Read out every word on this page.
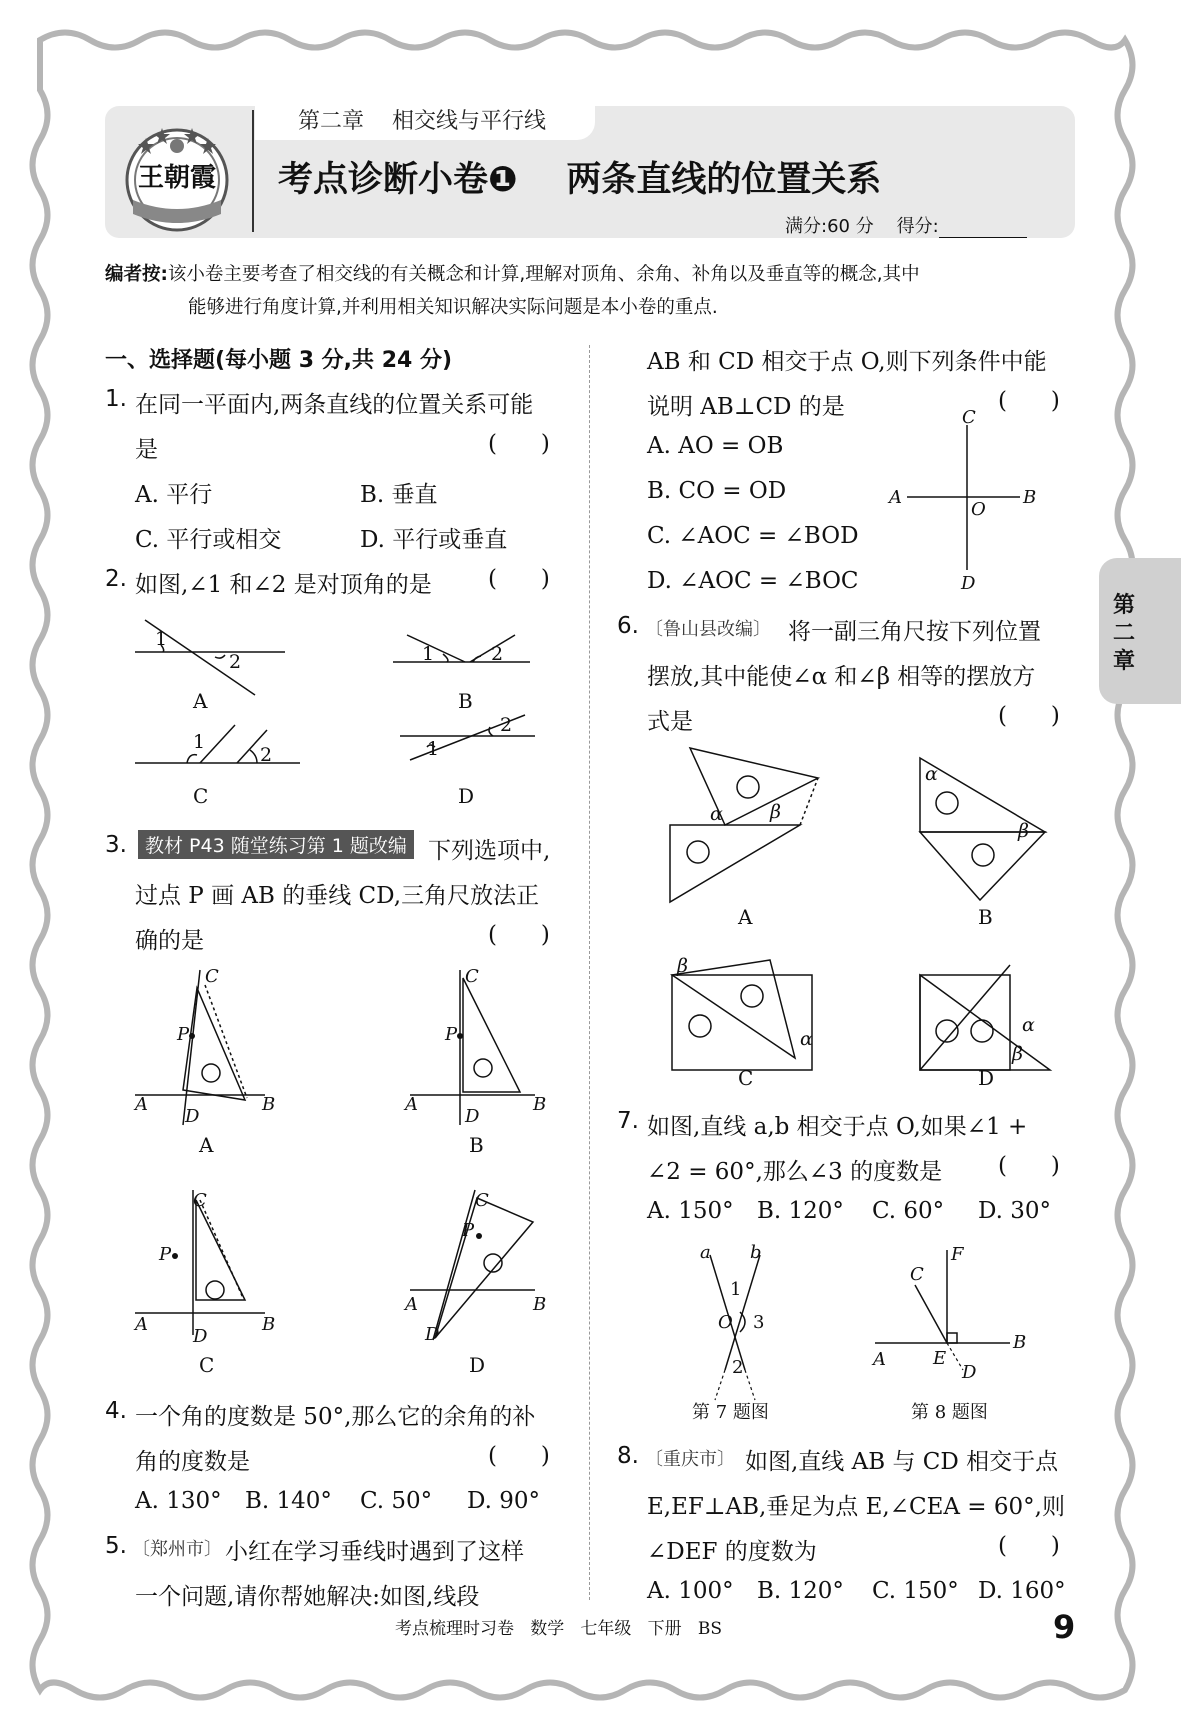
第二章    相交线与平行线
王朝霞 考点诊断小卷❶    两条直线的位置关系
满分:60 分 得分:
编者按:该小卷主要考查了相交线的有关概念和计算,理解对顶角、余角、补角以及垂直等的概念,其中
能够进行角度计算,并利用相关知识解决实际问题是本小卷的重点.
第二章
一、选择题(每小题 3 分,共 24 分)
1. 在同一平面内,两条直线的位置关系可能
是	(      )
A. 平行	B. 垂直
C. 平行或相交	D. 平行或垂直
2. 如图,∠1 和∠2 是对顶角的是 (      )
1
2	1	2
1
2	1
2
A	B
C	D
3. 教材 P43 随堂练习第 1 题改编 下列选项中,
过点 P 画 AB 的垂线 CD,三角尺放法正
确的是	(      )
C
P
A	B
D
C
P
A	B
D
C
P
A	B
D
C
P
A	B
D
A	B
C	D
4. 一个角的度数是 50°,那么它的余角的补
角的度数是	(      )
A. 130° B. 140° C. 50° D. 90°
5. 〔郑州市〕 小红在学习垂线时遇到了这样
一个问题,请你帮她解决:如图,线段
AB 和 CD 相交于点 O,则下列条件中能
说明 AB⊥CD 的是	(      )
A. AO = OB
B. CO = OD
C. ∠AOC = ∠BOD
D. ∠AOC = ∠BOC
C
A	B
O
D
6. 〔鲁山县改编〕 将一副三角尺按下列位置
摆放,其中能使∠α 和∠β 相等的摆放方
式是	(      )
α β
α
β
β
α
α
β
A	B
C	D
7. 如图,直线 a,b 相交于点 O,如果∠1 +
∠2 = 60°,那么∠3 的度数是 (      )
A. 150° B. 120° C. 60° D. 30°
a b
1
3
O
2
第 7 题图
F
C
A
B
E
D
第 8 题图
8. 〔重庆市〕 如图,直线 AB 与 CD 相交于点
E,EF⊥AB,垂足为点 E,∠CEA = 60°,则
∠DEF 的度数为	(      )
A. 100° B. 120° C. 150° D. 160°
考点梳理时习卷   数学   七年级   下册   BS	9
